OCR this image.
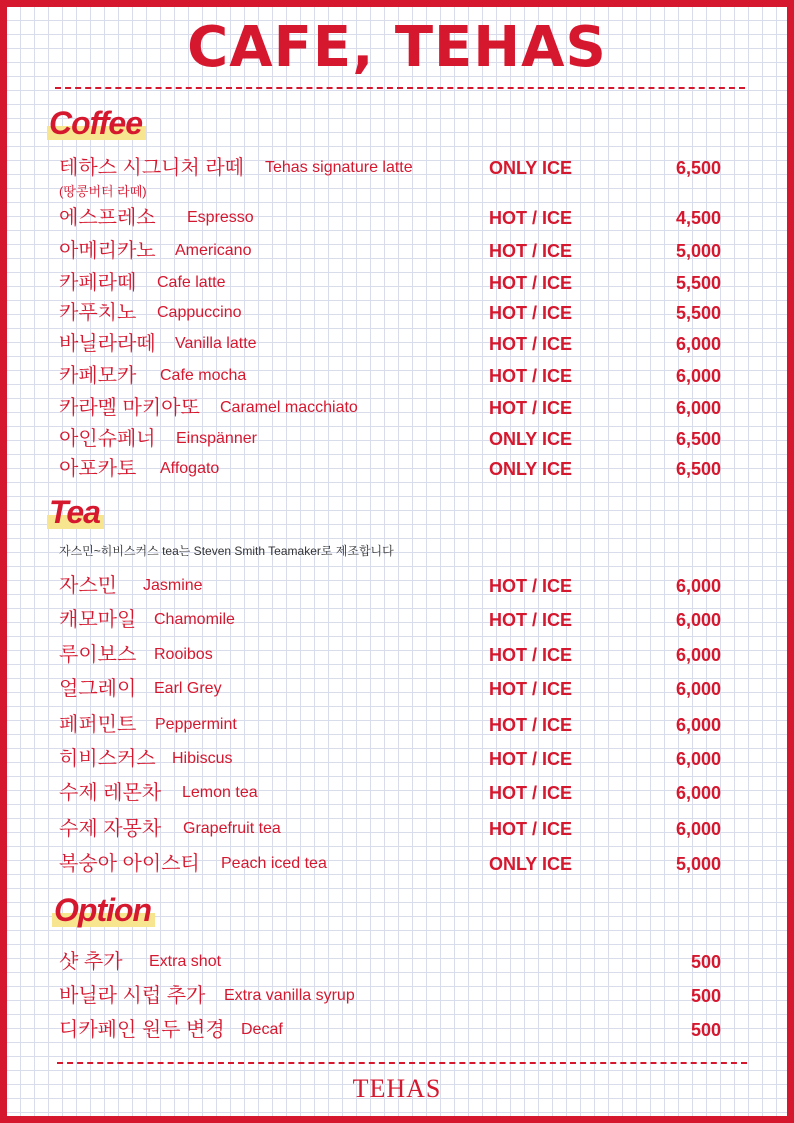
CAFE, TEHAS
Coffee
테하스 시그니처 라떼 Tehas signature latte	ONLY ICE	6,500
(땅콩버터 라떼)
에스프레소 Espresso	HOT / ICE	4,500
아메리카노 Americano	HOT / ICE	5,000
카페라떼 Cafe latte	HOT / ICE	5,500
카푸치노 Cappuccino	HOT / ICE	5,500
바닐라라떼 Vanilla latte	HOT / ICE	6,000
카페모카 Cafe mocha	HOT / ICE	6,000
카라멜 마키아또 Caramel macchiato	HOT / ICE	6,000
아인슈페너 Einspänner	ONLY ICE	6,500
아포카토 Affogato	ONLY ICE	6,500
Tea
자스민~히비스커스 tea는 Steven Smith Teamaker로 제조합니다
자스민 Jasmine	HOT / ICE	6,000
캐모마일 Chamomile	HOT / ICE	6,000
루이보스 Rooibos	HOT / ICE	6,000
얼그레이 Earl Grey	HOT / ICE	6,000
페퍼민트 Peppermint	HOT / ICE	6,000
히비스커스 Hibiscus	HOT / ICE	6,000
수제 레몬차 Lemon tea	HOT / ICE	6,000
수제 자몽차 Grapefruit tea	HOT / ICE	6,000
복숭아 아이스티 Peach iced tea	ONLY ICE	5,000
Option
샷 추가 Extra shot	500
바닐라 시럽 추가 Extra vanilla syrup	500
디카페인 원두 변경 Decaf	500
TEHAS
